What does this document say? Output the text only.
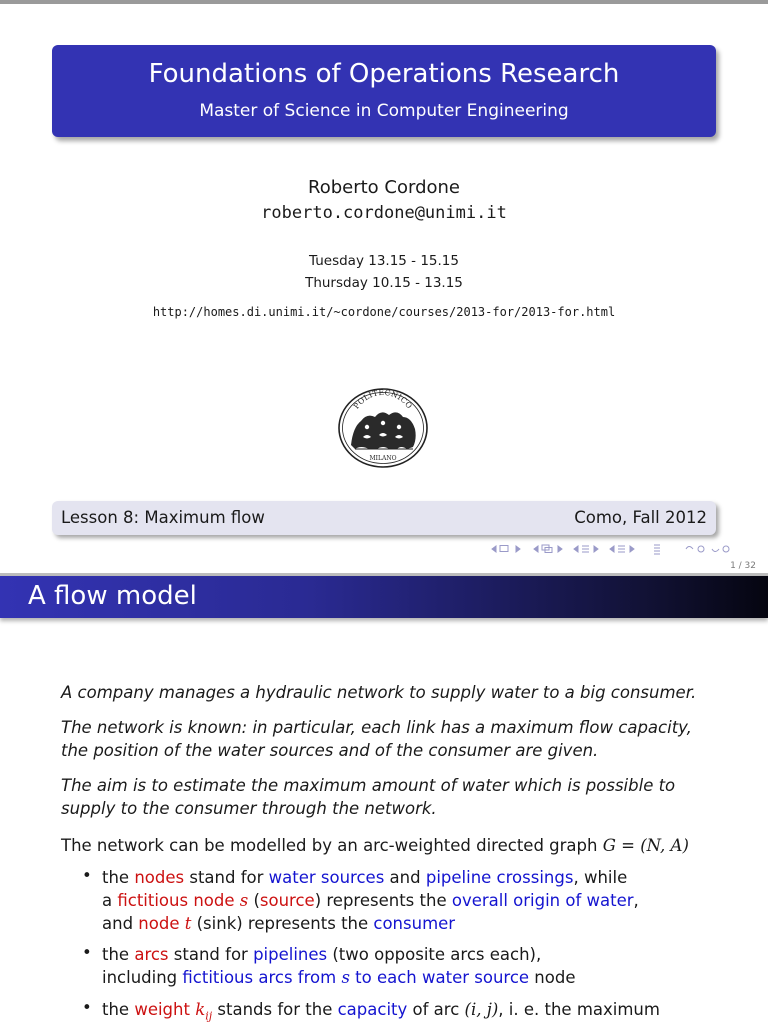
Foundations of Operations Research
Master of Science in Computer Engineering
Roberto Cordone
roberto.cordone@unimi.it
Tuesday 13.15 - 15.15
Thursday 10.15 - 13.15
http://homes.di.unimi.it/~cordone/courses/2013-for/2013-for.html
POLITECNICO
MILANO
Lesson 8: Maximum flow	Como, Fall 2012
1 / 32
A flow model
A company manages a hydraulic network to supply water to a big consumer.
The network is known: in particular, each link has a maximum flow capacity, the position of the water sources and of the consumer are given.
The aim is to estimate the maximum amount of water which is possible to supply to the consumer through the network.
The network can be modelled by an arc-weighted directed graph G = (N, A)
• the nodes stand for water sources and pipeline crossings, while
a fictitious node s (source) represents the overall origin of water,
and node t (sink) represents the consumer
• the arcs stand for pipelines (two opposite arcs each),
including fictitious arcs from s to each water source node
• the weight $k_{ij}$ stands for the capacity of arc (i, j), i. e. the maximum
